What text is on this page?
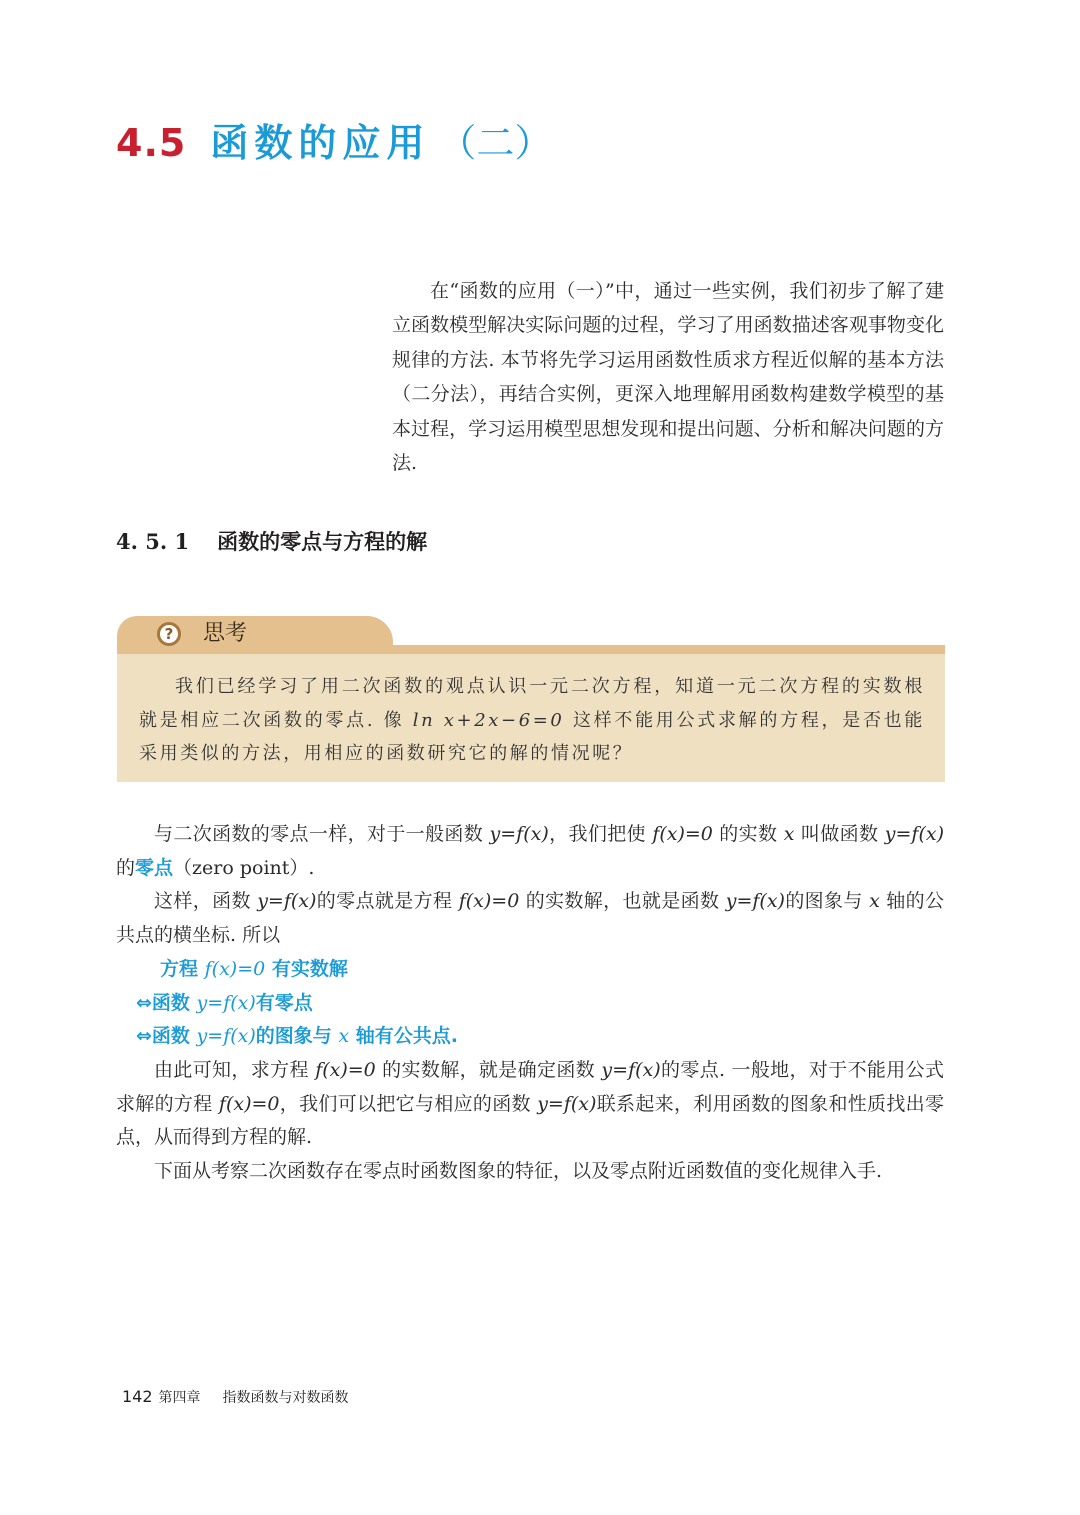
4.5 函数的应用 （二）

在“函数的应用（一）”中，通过一些实例，我们初步了解了建立函数模型解决实际问题的过程，学习了用函数描述客观事物变化规律的方法. 本节将先学习运用函数性质求方程近似解的基本方法（二分法），再结合实例，更深入地理解用函数构建数学模型的基本过程，学习运用模型思想发现和提出问题、分析和解决问题的方法.

4. 5. 1 函数的零点与方程的解
?	思考

我们已经学习了用二次函数的观点认识一元二次方程，知道一元二次方程的实数根就是相应二次函数的零点. 像 ln x+2x−6=0 这样不能用公式求解的方程，是否也能采用类似的方法，用相应的函数研究它的解的情况呢？

与二次函数的零点一样，对于一般函数 y=f(x)，我们把使 f(x)=0 的实数 x 叫做函数 y=f(x)的零点（zero point）.

这样，函数 y=f(x)的零点就是方程 f(x)=0 的实数解，也就是函数 y=f(x)的图象与 x 轴的公共点的横坐标. 所以

方程 f(x)=0 有实数解

⇔函数 y=f(x)有零点

⇔函数 y=f(x)的图象与 x 轴有公共点.

由此可知，求方程 f(x)=0 的实数解，就是确定函数 y=f(x)的零点. 一般地，对于不能用公式求解的方程 f(x)=0，我们可以把它与相应的函数 y=f(x)联系起来，利用函数的图象和性质找出零点，从而得到方程的解.

下面从考察二次函数存在零点时函数图象的特征，以及零点附近函数值的变化规律入手.

142 第四章 指数函数与对数函数
